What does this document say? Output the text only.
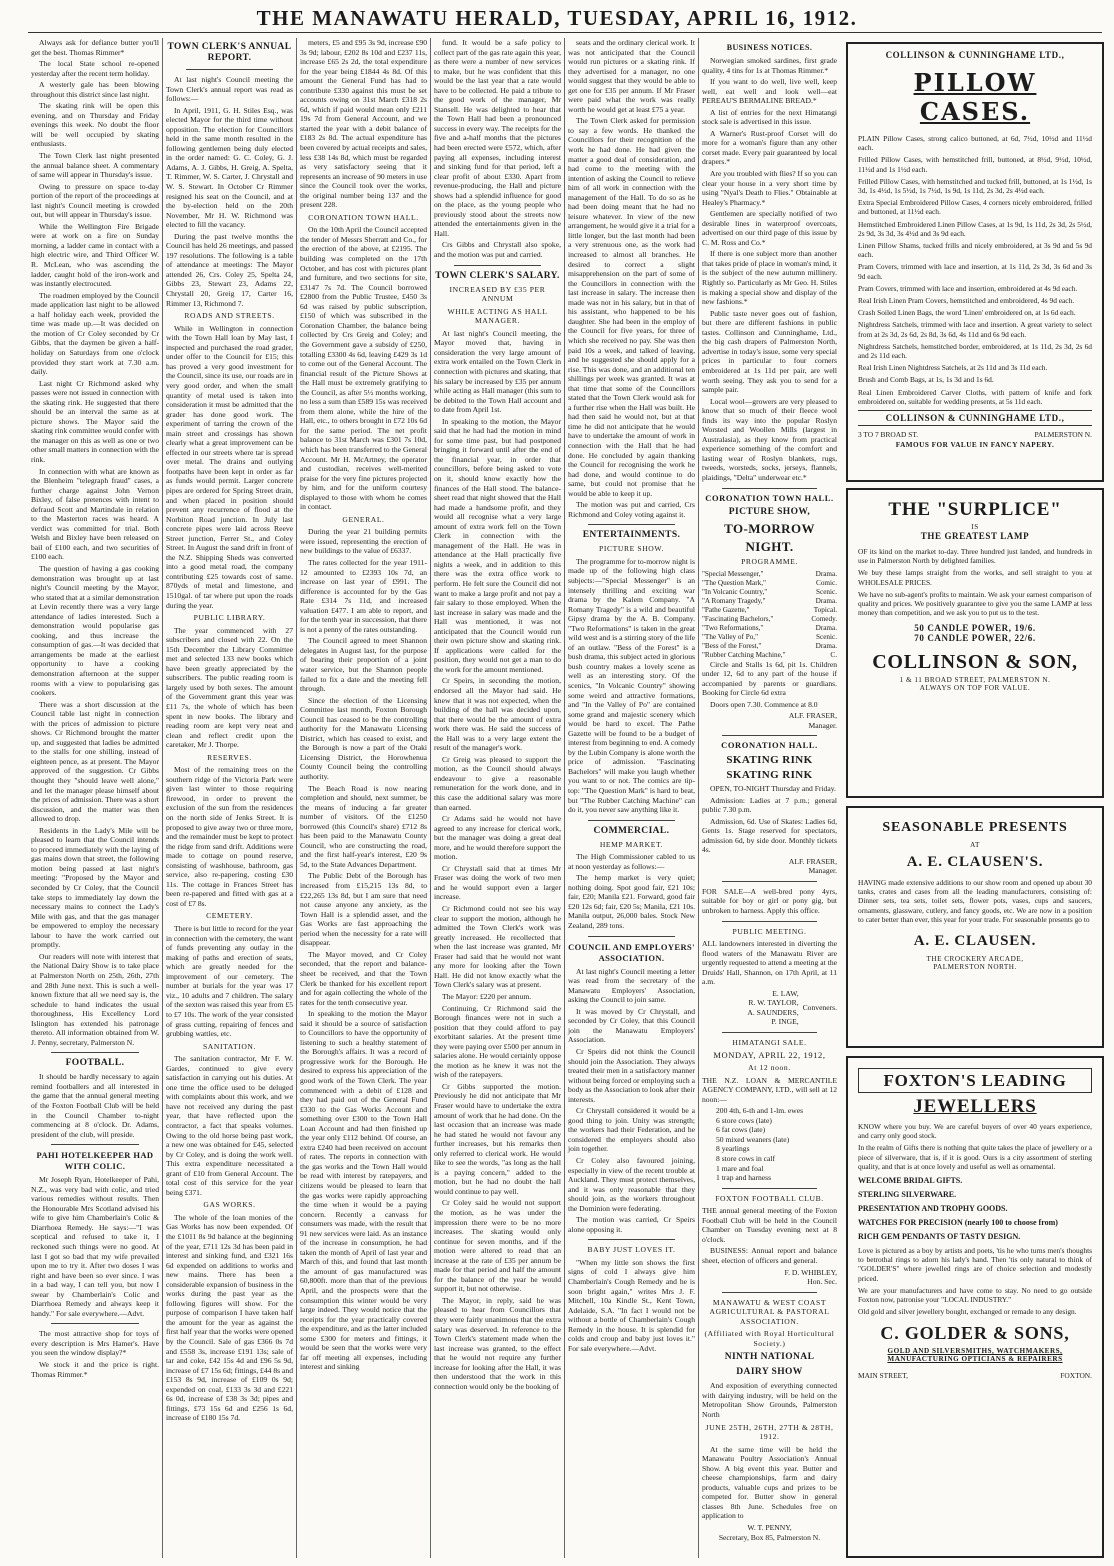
THE MANAWATU HERALD, TUESDAY, APRIL 16, 1912.

Always ask for defiance butter you'll get the best. Thomas Rimmer*

The local State school re-opened yesterday after the recent term holiday.

A westerly gale has been blowing throughout this district since last night.

The skating rink will be open this evening, and on Thursday and Friday evenings this week. No doubt the floor will be well occupied by skating enthusiasts.

The Town Clerk last night presented the annual balance sheet. A commentary of same will appear in Thursday's issue.

Owing to pressure on space to-day portion of the report of the proceedings at last night's Council meeting is crowded out, but will appear in Thursday's issue.

While the Wellington Fire Brigade were at work on a fire on Sunday morning, a ladder came in contact with a high electric wire, and Third Officer W. R. McLean, who was ascending the ladder, caught hold of the iron-work and was instantly electrocuted.

The roadmen employed by the Council made application last night to be allowed a half holiday each week, provided the time was made up.—It was decided on the motion of Cr Coley seconded by Cr Gibbs, that the daymen be given a half-holiday on Saturdays from one o'clock provided they start work at 7.30 a.m. daily.

Last night Cr Richmond asked why passes were not issued in connection with the skating rink. He suggested that there should be an interval the same as at picture shows. The Mayor said the skating rink committee would confer with the manager on this as well as one or two other small matters in connection with the rink.

In connection with what are known as the Blenheim "telegraph fraud" cases, a further charge against John Vernon Bixley, of false pretences with intent to defraud Scott and Martindale in relation to the Masterton races was heard. A verdict was committed for trial. Both Welsh and Bixley have been released on bail of £100 each, and two securities of £100 each.

The question of having a gas cooking demonstration was brought up at last night's Council meeting by the Mayor, who stated that at a similar demonstration at Levin recently there was a very large attendance of ladies interested. Such a demonstration would popularise gas cooking, and thus increase the consumption of gas.—It was decided that arrangements be made at the earliest opportunity to have a cooking demonstration afternoon at the supper rooms with a view to popularising gas cookers.

There was a short discussion at the Council table last night in connection with the prices of admission to picture shows. Cr Richmond brought the matter up, and suggested that ladies be admitted to the stalls for one shilling, instead of eighteen pence, as at present. The Mayor approved of the suggestion. Cr Gibbs thought they "should leave well alone," and let the manager please himself about the prices of admission. There was a short discussion, and the matter was then allowed to drop.

Residents in the Lady's Mile will be pleased to learn that the Council intends to proceed immediately with the laying of gas mains down that street, the following motion being passed at last night's meeting: "Proposed by the Mayor and seconded by Cr Coley, that the Council take steps to immediately lay down the necessary mains to connect the Lady's Mile with gas, and that the gas manager be empowered to employ the necessary labour to have the work carried out promptly.

Our readers will note with interest that the National Dairy Show is to take place at Palmerston North on 25th, 26th, 27th and 28th June next. This is such a well-known fixture that all we need say is, the schedule to hand indicates the usual thoroughness, His Excellency Lord Islington has extended his patronage thereto. All information obtained from W. J. Penny, secretary, Palmerston N.

FOOTBALL.

It should be hardly necessary to again remind footballers and all interested in the game that the annual general meeting of the Foxton Football Club will be held in the Council Chamber to-night commencing at 8 o'clock. Dr. Adams, president of the club, will preside.

PAHI HOTELKEEPER HAD WITH COLIC.

Mr Joseph Ryan, Hotelkeeper of Pahi, N.Z., was very bad with colic, and tried various remedies without results. Then the Honourable Mrs Scotland advised his wife to give him Chamberlain's Colic & Diarrhoea Remedy. He says:—"I was sceptical and refused to take it, I reckoned such things were no good. At last I got so bad that my wife prevailed upon me to try it. After two doses I was right and have been so ever since. I was in a bad way, I can tell you, but now I swear by Chamberlain's Colic and Diarrhoea Remedy and always keep it handy." For sale everywhere.—Advt.

The most attractive shop for toys of every description is Mrs Hamer's. Have you seen the window display?*

We stock it and the price is right. Thomas Rimmer.*

TOWN CLERK'S ANNUAL REPORT.

At last night's Council meeting the Town Clerk's annual report was read as follows:—

In April, 1911, G. H. Stiles Esq., was elected Mayor for the third time without opposition. The election for Councillors held in the same month resulted in the following gentlemen being duly elected in the order named: G. C. Coley, G. J. Adams, A. J. Gibbs, H. Greig, A. Spelta, T. Rimmer, W. S. Carter, J. Chrystall and W. S. Stewart. In October Cr Rimmer resigned his seat on the Council, and at the by-election held on the 20th November, Mr H. W. Richmond was elected to fill the vacancy.

During the past twelve months the Council has held 26 meetings, and passed 197 resolutions. The following is a table of attendance at meetings: The Mayor attended 26, Crs. Coley 25, Spelta 24, Gibbs 23, Stewart 23, Adams 22, Chrystall 20, Greig 17, Carter 16, Rimmer 13, Richmond 7.

ROADS AND STREETS.

While in Wellington in connection with the Town Hall loan by May last, I inspected and purchased the road grader, under offer to the Council for £15; this has proved a very good investment for the Council, since its use, our roads are in very good order, and when the small quantity of metal used is taken into consideration it must be admitted that the grader has done good work. The experiment of tarring the crown of the main street and crossings has shown clearly what a great improvement can be effected in our streets where tar is spread over metal. The drains and outlying footpaths have been kept in order as far as funds would permit. Larger concrete pipes are ordered for Spring Street drain, and when placed in position should prevent any recurrence of flood at the Norbiton Road junction. In July last concrete pipes were laid across Reeve Street junction, Ferrer St., and Coley Street. In August the sand drift in front of the N.Z. Shipping Sheds was converted into a good metal road, the company contributing £25 towards cost of same. 870yds of metal and limestone, and 1510gal. of tar where put upon the roads during the year.

PUBLIC LIBRARY.

The year commenced with 27 subscribers and closed with 22. On the 15th December the Library Committee met and selected 133 new books which have been greatly appreciated by the subscribers. The public reading room is largely used by both sexes. The amount of the Government grant this year was £11 7s, the whole of which has been spent in new books. The library and reading room are kept very neat and clean and reflect credit upon the caretaker, Mr J. Thorpe.

RESERVES.

Most of the remaining trees on the southern ridge of the Victoria Park were given last winter to those requiring firewood, in order to prevent the exclusion of the sun from the residences on the north side of Jenks Street. It is proposed to give away two or three more, and the remainder must be kept to protect the ridge from sand drift. Additions were made to cottage on pound reserve, consisting of washhouse, bathroom, gas service, also re-papering, costing £30 11s. The cottage in Frances Street has been re-papered and fitted with gas at a cost of £7 8s.

CEMETERY.

There is but little to record for the year in connection with the cemetery, the want of funds preventing any outlay in the making of paths and erection of seats, which are greatly needed for the improvement of our cemetery. The number at burials for the year was 17 viz., 10 adults and 7 children. The salary of the sexton was raised this year from £5 to £7 10s. The work of the year consisted of grass cutting, repairing of fences and grubbing wattles, etc.

SANITATION.

The sanitation contractor, Mr F. W. Gardes, continued to give every satisfaction in carrying out his duties. At one time the office used to be deluged with complaints about this work, and we have not received any during the past year, that have reflected upon the contractor, a fact that speaks volumes. Owing to the old horse being past work, a new one was obtained for £45, selected by Cr Coley, and is doing the work well. This extra expenditure necessitated a grant of £10 from General Account. The total cost of this service for the year being £371.

GAS WORKS.

The whole of the loan monies of the Gas Works has now been expended. Of the £1011 8s 9d balance at the beginning of the year, £711 12s 3d has been paid in interest and sinking fund, and £321 16s 6d expended on additions to works and new mains. There has been a considerable expansion of business in the works during the past year as the following figures will show. For the purpose of comparison I have taken half the amount for the year as against the first half year that the works were opened by the Council. Sale of gas £366 0s 7d and £558 3s, increase £191 13s; sale of tar and coke, £42 15s 4d and £96 5s 9d, increase of £7 15s 6d; fittings, £44 8s and £153 8s 9d, increase of £109 0s 9d; expended on coal, £133 3s 3d and £221 6s 0d, increase of £38 3s 3d; pipes and fittings, £73 15s 6d and £256 1s 6d, increase of £180 15s 7d.

meters, £5 and £95 3s 9d, increase £90 3s 9d; labour, £202 8s 10d and £237 11s, increase £65 2s 2d, the total expenditure for the year being £1844 4s 8d. Of this amount the General Fund has had to contribute £330 against this must be set accounts owing on 31st March £318 2s 6d, which if paid would mean only £211 19s 7d from General Account, and we started the year with a debit balance of £183 2s 8d. The actual expenditure has been covered by actual receipts and sales, less £38 14s 8d, which must be regarded as very satisfactory seeing that it represents an increase of 90 meters in use since the Council took over the works, the original number being 137 and the present 228.

CORONATION TOWN HALL.

On the 10th April the Council accepted the tender of Messrs Sherratt and Co., for the erection of the above, at £2195. The building was completed on the 17th October, and has cost with pictures plant and furniture, and two sections for site, £3147 7s 7d. The Council borrowed £2800 from the Public Trustee, £450 3s 6d was raised by public subscription, £150 of which was subscribed in the Coronation Chamber, the balance being collected by Crs Greig and Coley; and the Government gave a subsidy of £250, totalling £3300 4s 6d, leaving £429 3s 1d to come out of the General Account. The financial result of the Picture Shows at the Hall must be extremely gratifying to the Council, as after 5½ months working, no less a sum than £589 15s was received from them alone, while the hire of the Hall, etc., to others brought in £72 10s 6d for the same period. The net profit balance to 31st March was £301 7s 10d, which has been transferred to the General Account. Mr H. McArtney, the operator and custodian, receives well-merited praise for the very fine pictures projected by him, and for the uniform courtesy displayed to those with whom he comes in contact.

GENERAL.

During the year 21 building permits were issued, representing the erection of new buildings to the value of £6337.

The rates collected for the year 1911-12 amounted to £2393 10s 7d, an increase on last year of £991. The difference is accounted for by the Gas Rate £314 7s 11d, and increased valuation £477. I am able to report, and for the tenth year in succession, that there is not a penny of the rates outstanding.

The Council agreed to meet Shannon delegates in August last, for the purpose of bearing their proportion of a joint water service, but the Shannon people failed to fix a date and the meeting fell through.

Since the election of the Licensing Committee last month, Foxton Borough Council has ceased to be the controlling authority for the Manawatu Licensing District, which has ceased to exist, and the Borough is now a part of the Otaki Licensing District, the Horowhenua County Council being the controlling authority.

The Beach Road is now nearing completion and should, next summer, be the means of inducing a far greater number of visitors. Of the £1250 borrowed (this Council's share) £712 8s has been paid to the Manawatu County Council, who are constructing the road, and the first half-year's interest, £20 9s 5d, to the State Advances Department.

The Public Debt of the Borough has increased from £15,215 13s 8d, to £22,265 13s 8d, but I am sure that need not cause anyone any anxiety, as the Town Hall is a splendid asset, and the Gas Works are fast approaching the period when the necessity for a rate will disappear.

The Mayor moved, and Cr Coley seconded, that the report and balance-sheet be received, and that the Town Clerk be thanked for his excellent report and for again collecting the whole of the rates for the tenth consecutive year.

In speaking to the motion the Mayor said it should be a source of satisfaction to Councillors to have the opportunity of listening to such a healthy statement of the Borough's affairs. It was a record of progressive work for the Borough. He desired to express his appreciation of the good work of the Town Clerk. The year commenced with a debit of £128 and they had paid out of the General Fund £330 to the Gas Works Account and something over £300 to the Town Hall Loan Account and had then finished up the year only £112 behind. Of course, an extra £240 had been received on account of rates. The reports in connection with the gas works and the Town Hall would be read with interest by ratepayers, and citizens would be pleased to learn that the gas works were rapidly approaching the time when it would be a paying concern. Recently a canvass for consumers was made, with the result that 91 new services were laid. As an instance of the increase in consumption, he had taken the month of April of last year and March of this, and found that last month the amount of gas manufactured was 60,800ft. more than that of the previous April, and the prospects were that the consumption this winter would be very large indeed. They would notice that the receipts for the year practically covered the expenditure, and as the latter included some £300 for meters and fittings, it would be seen that the works were very far off meeting all expenses, including interest and sinking

fund. It would be a safe policy to collect part of the gas rate again this year, as there were a number of new services to make, but he was confident that this would be the last year that a rate would have to be collected. He paid a tribute to the good work of the manager, Mr Stansell. He was delighted to hear that the Town Hall had been a pronounced success in every way. The receipts for the five and a-half months that the pictures had been erected were £572, which, after paying all expenses, including interest and sinking fund for that period, left a clear profit of about £330. Apart from revenue-producing, the Hall and picture shows had a splendid influence for good on the place, as the young people who previously stood about the streets now attended the entertainments given in the Hall.

Crs Gibbs and Chrystall also spoke, and the motion was put and carried.

TOWN CLERK'S SALARY.
INCREASED BY £35 PER ANNUM
WHILE ACTING AS HALL MANAGER.

At last night's Council meeting, the Mayor moved that, having in consideration the very large amount of extra work entailed on the Town Clerk in connection with pictures and skating, that his salary be increased by £35 per annum while acting as Hall manager (this sum to be debited to the Town Hall account and to date from April 1st.

In speaking to the motion, the Mayor said that he had had the motion in mind for some time past, but had postponed bringing it forward until after the end of the financial year, in order that councillors, before being asked to vote on it, should know exactly how the finances of the Hall stood. The balance-sheet read that night showed that the Hall had made a handsome profit, and they would all recognise what a very large amount of extra work fell on the Town Clerk in connection with the management of the Hall. He was in attendance at the Hall practically five nights a week, and in addition to this there was the extra office work to perform. He felt sure the Council did not want to make a large profit and not pay a fair salary to those employed. When the last increase in salary was made and the Hall was mentioned, it was not anticipated that the Council would run their own picture show and skating rink. If applications were called for the position, they would not get a man to do the work for the amount mentioned.

Cr Speirs, in seconding the motion, endorsed all the Mayor had said. He knew that it was not expected, when the building of the hall was decided upon, that there would be the amount of extra work there was. He said the success of the Hall was to a very large extent the result of the manager's work.

Cr Greig was pleased to support the motion, as the Council should always endeavour to give a reasonable remuneration for the work done, and in this case the additional salary was more than earned.

Cr Adams said he would not have agreed to any increase for clerical work, but the manager was doing a great deal more, and he would therefore support the motion.

Cr Chrystall said that at times Mr Fraser was doing the work of two men and he would support even a larger increase.

Cr Richmond could not see his way clear to support the motion, although he admitted the Town Clerk's work was greatly increased. He recollected that when the last increase was granted, Mr Fraser had said that he would not want any more for looking after the Town Hall. He did not know exactly what the Town Clerk's salary was at present.

The Mayor: £220 per annum.

Continuing, Cr Richmond said the Borough finances were not in such a position that they could afford to pay exorbitant salaries. At the present time they were paying over £500 per annum in salaries alone. He would certainly oppose the motion as he knew it was not the wish of the ratepayers.

Cr Gibbs supported the motion. Previously he did not anticipate that Mr Fraser would have to undertake the extra amount of work that he had done. On the last occasion that an increase was made he had stated he would not favour any further increases, but his remarks then only referred to clerical work. He would like to see the words, "as long as the hall is a paying concern," added to the motion, but he had no doubt the hall would continue to pay well.

Cr Coley said he would not support the motion, as he was under the impression there were to be no more increases. The skating would only continue for seven months, and if the motion were altered to read that an increase at the rate of £35 per annum be made for that period and half the amount for the balance of the year he would support it, but not otherwise.

The Mayor, in reply, said he was pleased to hear from Councillors that they were fairly unanimous that the extra salary was deserved. In reference to the Town Clerk's statement made when the last increase was granted, to the effect that he would not require any further increase for looking after the Hall, it was then understood that the work in this connection would only be the booking of

seats and the ordinary clerical work. It was not anticipated that the Council would run pictures or a skating rink. If they advertised for a manager, no one would suggest that they would be able to get one for £35 per annum. If Mr Fraser were paid what the work was really worth he would get at least £75 a year.

The Town Clerk asked for permission to say a few words. He thanked the Councillors for their recognition of the work he had done. He had given the matter a good deal of consideration, and had come to the meeting with the intention of asking the Council to relieve him of all work in connection with the management of the Hall. To do so as he had been doing meant that he had no leisure whatever. In view of the new arrangement, he would give it a trial for a little longer, but the last month had been a very strenuous one, as the work had increased to almost all branches. He desired to correct a slight misapprehension on the part of some of the Councillors in connection with the last increase in salary. The increase then made was not in his salary, but in that of his assistant, who happened to be his daughter. She had been in the employ of the Council for five years, for three of which she received no pay. She was then paid 10s a week, and talked of leaving, and he suggested she should apply for a rise. This was done, and an additional ten shillings per week was granted. It was at that time that some of the Councillors stated that the Town Clerk would ask for a further rise when the Hall was built. He had then said he would not, but at that time he did not anticipate that he would have to undertake the amount of work in connection with the Hall that he had done. He concluded by again thanking the Council for recognising the work he had done, and would continue to do same, but could not promise that he would be able to keep it up.

The motion was put and carried, Crs Richmond and Coley voting against it.

ENTERTAINMENTS.
PICTURE SHOW.

The programme for to-morrow night is made up of the following high class subjects:—"Special Messenger" is an intensely thrilling and exciting war drama by the Kalem Company. "A Romany Tragedy" is a wild and beautiful Gipsy drama by the A. B. Company. "Two Reformations" is taken in the great wild west and is a stirring story of the life of an outlaw. "Bess of the Forest" is a bush drama, this subject acted in glorious bush country makes a lovely scene as well as an interesting story. Of the scenics, "In Volcanic Country" showing some weird and attractive formations, and "In the Valley of Po" are contained some grand and majestic scenery which would be hard to excel. The Pathe Gazette will be found to be a budget of interest from beginning to end. A comedy by the Lubin Company is alone worth the price of admission. "Fascinating Bachelors" will make you laugh whether you want to or not. The comics are tip-top: "The Question Mark" is hard to beat, but "The Rubber Catching Machine" can do it, you never saw anything like it.

COMMERCIAL.
HEMP MARKET.

The High Commissioner cabled to us at noon yesterday as follows:—

The hemp market is very quiet; nothing doing. Spot good fair, £21 10s; fair, £20; Manila £21. Forward, good fair £20 12s 6d; fair, £20 5s; Manila, £21 10s. Manila output, 26,000 bales. Stock New Zealand, 289 tons.

COUNCIL AND EMPLOYERS' ASSOCIATION.

At last night's Council meeting a letter was read from the secretary of the Manawatu Employers' Association, asking the Council to join same.

It was moved by Cr Chrystall, and seconded by Cr Coley, that this Council join the Manawatu Employers' Association.

Cr Speirs did not think the Council should join the Association. They always treated their men in a satisfactory manner without being forced or employing such a body as the Association to look after their interests.

Cr Chrystall considered it would be a good thing to join. Unity was strength; the workers had their Federation, and he considered the employers should also join together.

Cr Coley also favoured joining, especially in view of the recent trouble at Auckland. They must protect themselves, and it was only reasonable that they should join, as the workers throughout the Dominion were federating.

The motion was carried, Cr Speirs alone opposing it.

BABY JUST LOVES IT.

"When my little son shows the first signs of cold I always give him Chamberlain's Cough Remedy and he is soon bright again," writes Mrs J. F. Mitchell, 10a Kindle St., Kent Town, Adelaide, S.A. "In fact I would not be without a bottle of Chamberlain's Cough Remedy in the house. It is splendid for colds and croup and baby just loves it." For sale everywhere.—Advt.

BUSINESS NOTICES.

Norwegian smoked sardines, first grade quality, 4 tins for 1s at Thomas Rimmer.*

If you want to do well, live well, keep well, eat well and look well—eat PEREAU'S BERMALINE BREAD.*

A list of entries for the next Himatangi stock sale is advertised in this issue.

A Warner's Rust-proof Corset will do more for a woman's figure than any other corset made. Every pair guaranteed by local drapers.*

Are you troubled with flies? If so you can clear your house in a very short time by using "Nyal's Death to Flies." Obtainable at Healey's Pharmacy.*

Gentlemen are specially notified of two desirable lines in waterproof overcoats, advertised on our third page of this issue by C. M. Ross and Co.*

If there is one subject more than another that takes pride of place in woman's mind, it is the subject of the new autumn millinery. Rightly so. Particularly as Mr Geo. H. Stiles is making a special show and display of the new fashions.*

Public taste never goes out of fashion, but there are different fashions in public tastes. Collinson and Cunninghame, Ltd., the big cash drapers of Palmerston North, advertise in today's issue, some very special prices in particular to four corners embroidered at 1s 11d per pair, are well worth seeing. They ask you to send for a sample pair.

Local wool—growers are very pleased to know that so much of their fleece wool finds its way into the popular Roslyn Worsted and Woollen Mills (largest in Australasia), as they know from practical experience something of the comfort and lasting wear of Roslyn blankets, rugs, tweeds, worsteds, socks, jerseys, flannels, plaidings, "Delta" underwear etc.*

CORONATION TOWN HALL.
PICTURE SHOW,
TO-MORROW
NIGHT.
PROGRAMME.
"Special Messenger,"	Drama.
"The Question Mark,"	Comic.
"In Volcanic Country,"	Scenic.
"A Romany Tragedy,"	Drama.
"Pathe Gazette,"	Topical.
"Fascinating Bachelors,"	Comedy.
"Two Reformations,"	Drama.
"The Valley of Po,"	Scenic.
"Bess of the Forest,"	Drama.
"Rubber Catching Machine,"	C.

Circle and Stalls 1s 6d, pit 1s. Children under 12, 6d to any part of the house if accompanied by parents or guardians. Booking for Circle 6d extra

Doors open 7.30. Commence at 8.0

ALF. FRASER,
Manager.
CORONATION HALL.
SKATING RINK
SKATING RINK

OPEN, TO-NIGHT Thursday and Friday.

Admission: Ladies at 7 p.m.; general public 7.30 p.m.

Admission, 6d. Use of Skates: Ladies 6d, Gents 1s. Stage reserved for spectators, admission 6d, by side door. Monthly tickets 4s.

ALF. FRASER,
Manager.

FOR SALE—A well-bred pony 4yrs, suitable for boy or girl or pony gig, but unbroken to harness. Apply this office.

PUBLIC MEETING.

ALL landowners interested in diverting the flood waters of the Manawatu River are urgently requested to attend a meeting at the Druids' Hall, Shannon, on 17th April, at 11 a.m.

E. LAW,
R. W. TAYLOR,
A. SAUNDERS,
P. INGE,
Conveners.
HIMATANGI SALE.
MONDAY, APRIL 22, 1912,
At 12 noon.

THE N.Z. LOAN & MERCANTILE AGENCY COMPANY, LTD., will sell at 12 noon:—

200 4th, 6-th and 1-lm. ewes
6 store cows (late)
6 fat cows (late)
50 mixed weaners (late)
8 yearlings
8 store cows in calf
1 mare and foal
1 trap and harness
FOXTON FOOTBALL CLUB.

THE annual general meeting of the Foxton Football Club will be held in the Council Chamber on Tuesday evening next at 8 o'clock.

BUSINESS: Annual report and balance sheet, election of officers and general.

F. D. WHIBLEY,
Hon. Sec.
MANAWATU & WEST COAST AGRICULTURAL & PASTORAL ASSOCIATION.
(Affiliated with Royal Horticultural Society.)
NINTH NATIONAL
DAIRY SHOW

And exposition of everything connected with dairying industry, will be held on the Metropolitan Show Grounds, Palmerston North

JUNE 25TH, 26TH, 27TH & 28TH, 1912.

At the same time will be held the Manawatu Poultry Association's Annual Show. A big event this year. Butter and cheese championships, farm and dairy products, valuable cups and prizes to be competed for. Butter show in general classes 8th June. Schedules free on application to

W. T. PENNY,
Secretary, Box 85, Palmerston N.
COLLINSON & CUNNINGHAME LTD.,
PILLOW CASES.

PLAIN Pillow Cases, strong calico buttoned, at 6d, 7½d, 10½d and 11½d each.

Frilled Pillow Cases, with hemstitched frill, buttoned, at 8½d, 9½d, 10½d, 11½d and 1s 1½d each.

Frilled Pillow Cases, with hemstitched and tucked frill, buttoned, at 1s 1½d, 1s 3d, 1s 4½d, 1s 5½d, 1s 7½d, 1s 9d, 1s 11d, 2s 3d, 2s 4½d each.

Extra Special Embroidered Pillow Cases, 4 corners nicely embroidered, frilled and buttoned, at 11½d each.

Hemstitched Embroidered Linen Pillow Cases, at 1s 9d, 1s 11d, 2s 3d, 2s 5½d, 2s 9d, 3s 3d, 3s 4½d and 3s 9d each.

Linen Pillow Shams, tucked frills and nicely embroidered, at 3s 9d and 5s 9d each.

Pram Covers, trimmed with lace and insertion, at 1s 11d, 2s 3d, 3s 6d and 3s 9d each.

Pram Covers, trimmed with lace and insertion, embroidered at 4s 9d each.

Real Irish Linen Pram Covers, hemstitched and embroidered, 4s 9d each.

Crash Soiled Linen Bags, the word 'Linen' embroidered on, at 1s 6d each.

Nightdress Satchels, trimmed with lace and insertion. A great variety to select from at 2s 3d, 2s 6d, 2s 8d, 3s 6d, 4s 11d and 6s 9d each.

Nightdress Satchels, hemstitched border, embroidered, at 1s 11d, 2s 3d, 2s 6d and 2s 11d each.

Real Irish Linen Nightdress Satchels, at 2s 11d and 3s 11d each.

Brush and Comb Bags, at 1s, 1s 3d and 1s 6d.

Real Linen Embroidered Carver Cloths, with pattern of knife and fork embroidered on, suitable for wedding presents, at 5s 11d each.

COLLINSON & CUNNINGHAME LTD.,
3 TO 7 BROAD ST.	PALMERSTON N.
FAMOUS FOR VALUE IN FANCY NAPERY.
THE "SURPLICE"
IS
THE GREATEST LAMP

OF its kind on the market to-day. Three hundred just landed, and hundreds in use in Palmerston North by delighted families.

We buy these lamps straight from the works, and sell straight to you at WHOLESALE PRICES.

We have no sub-agent's profits to maintain. We ask your earnest comparison of quality and prices. We positively guarantee to give you the same LAMP at less money than competition, and we ask you to put us to the test.

50 CANDLE POWER, 19/6.
70 CANDLE POWER, 22/6.
COLLINSON & SON,
1 & 11 BROAD STREET, PALMERSTON N.
ALWAYS ON TOP FOR VALUE.
SEASONABLE PRESENTS
AT
A. E. CLAUSEN'S.

HAVING made extensive additions to our show room and opened up about 30 tanks, crates and cases from all the leading manufacturers, consisting of: Dinner sets, tea sets, toilet sets, flower pots, vases, cups and saucers, ornaments, glassware, cutlery, and fancy goods, etc. We are now in a position to cater better than ever, this year for your trade. For seasonable presents go to

A. E. CLAUSEN.
THE CROCKERY ARCADE,
PALMERSTON NORTH.
FOXTON'S LEADING
JEWELLERS

KNOW where you buy. We are careful buyers of over 40 years experience, and carry only good stock.

In the realm of Gifts there is nothing that quite takes the place of jewellery or a piece of silverware, that is, if it is good. Ours is a city assortment of sterling quality, and that is at once lovely and useful as well as ornamental.

WELCOME BRIDAL GIFTS.
STERLING SILVERWARE.
PRESENTATION AND TROPHY GOODS.
WATCHES FOR PRECISION (nearly 100 to choose from)
RICH GEM PENDANTS OF TASTY DESIGN.

Love is pictured as a boy by artists and poets, 'tis he who turns men's thoughts to betrothal rings to adorn his lady's hand. Then 'tis only natural to think of "GOLDER'S" where jewelled rings are of choice selection and modestly priced.

We are your manufacturers and have come to stay. No need to go outside Foxton now, patronise your "LOCAL INDUSTRY."

Old gold and silver jewellery bought, exchanged or remade to any design.

C. GOLDER & SONS,
GOLD AND SILVERSMITHS, WATCHMAKERS, MANUFACTURING OPTICIANS & REPAIRERS
MAIN STREET,	FOXTON.
